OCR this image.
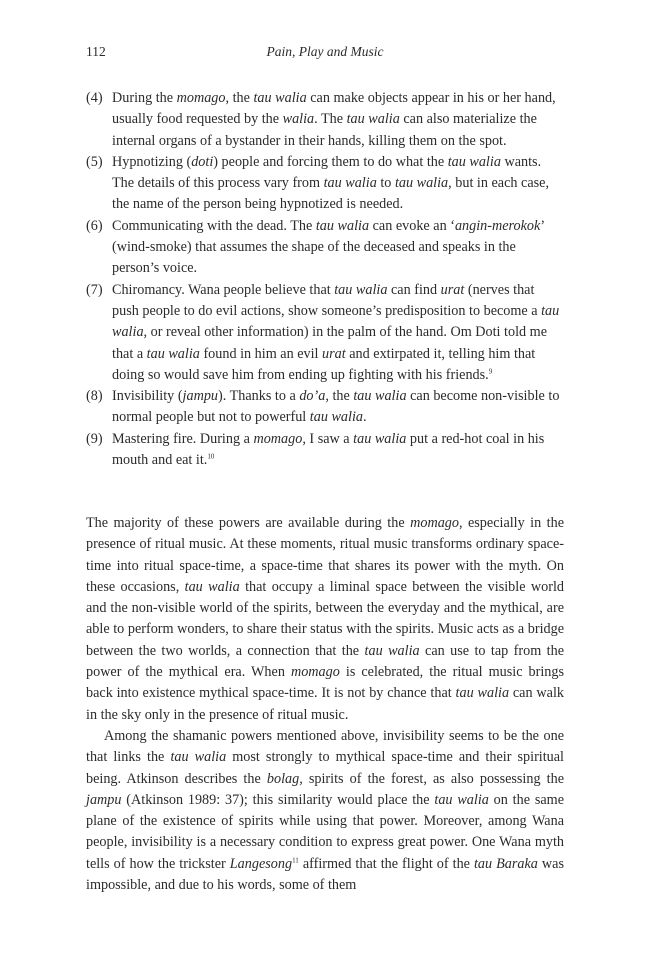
112	Pain, Play and Music
(4) During the momago, the tau walia can make objects appear in his or her hand, usually food requested by the walia. The tau walia can also materialize the internal organs of a bystander in their hands, killing them on the spot.
(5) Hypnotizing (doti) people and forcing them to do what the tau walia wants. The details of this process vary from tau walia to tau walia, but in each case, the name of the person being hypnotized is needed.
(6) Communicating with the dead. The tau walia can evoke an ‘angin-merokok’ (wind-smoke) that assumes the shape of the deceased and speaks in the person’s voice.
(7) Chiromancy. Wana people believe that tau walia can find urat (nerves that push people to do evil actions, show someone’s predisposition to become a tau walia, or reveal other information) in the palm of the hand. Om Doti told me that a tau walia found in him an evil urat and extirpated it, telling him that doing so would save him from ending up fighting with his friends.$^9$
(8) Invisibility (jampu). Thanks to a do’a, the tau walia can become non-visible to normal people but not to powerful tau walia.
(9) Mastering fire. During a momago, I saw a tau walia put a red-hot coal in his mouth and eat it.$^{10}$

The majority of these powers are available during the momago, especially in the presence of ritual music. At these moments, ritual music transforms ordinary space-time into ritual space-time, a space-time that shares its power with the myth. On these occasions, tau walia that occupy a liminal space between the visible world and the non-visible world of the spirits, between the everyday and the mythical, are able to perform wonders, to share their status with the spirits. Music acts as a bridge between the two worlds, a connection that the tau walia can use to tap from the power of the mythical era. When momago is celebrated, the ritual music brings back into existence mythical space-time. It is not by chance that tau walia can walk in the sky only in the presence of ritual music.

Among the shamanic powers mentioned above, invisibility seems to be the one that links the tau walia most strongly to mythical space-time and their spiritual being. Atkinson describes the bolag, spirits of the forest, as also possessing the jampu (Atkinson 1989: 37); this similarity would place the tau walia on the same plane of the existence of spirits while using that power. Moreover, among Wana people, invisibility is a necessary condition to express great power. One Wana myth tells of how the trickster Langesong$^{11}$ affirmed that the flight of the tau Baraka was impossible, and due to his words, some of them
